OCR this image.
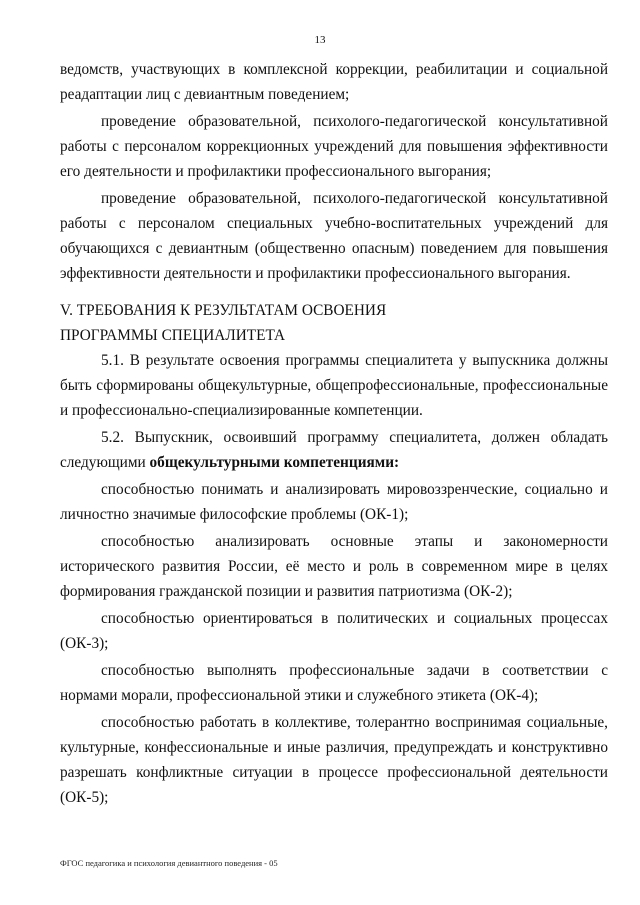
13

ведомств, участвующих в комплексной коррекции, реабилитации и социальной реадаптации лиц с девиантным поведением;

проведение образовательной, психолого-педагогической консультативной работы с персоналом коррекционных учреждений для повышения эффективности его деятельности и профилактики профессионального выгорания;

проведение образовательной, психолого-педагогической консультативной работы с персоналом специальных учебно-воспитательных учреждений для обучающихся с девиантным (общественно опасным) поведением для повышения эффективности деятельности и профилактики профессионального выгорания.

V. ТРЕБОВАНИЯ К РЕЗУЛЬТАТАМ ОСВОЕНИЯ

ПРОГРАММЫ СПЕЦИАЛИТЕТА

5.1. В результате освоения программы специалитета у выпускника должны быть сформированы общекультурные, общепрофессиональные, профессиональные и профессионально-специализированные компетенции.

5.2. Выпускник, освоивший программу специалитета, должен обладать следующими общекультурными компетенциями:

способностью понимать и анализировать мировоззренческие, социально и личностно значимые философские проблемы (ОК-1);

способностью анализировать основные этапы и закономерности исторического развития России, её место и роль в современном мире в целях формирования гражданской позиции и развития патриотизма (ОК-2);

способностью ориентироваться в политических и социальных процессах (ОК-3);

способностью выполнять профессиональные задачи в соответствии с нормами морали, профессиональной этики и служебного этикета (ОК-4);

способностью работать в коллективе, толерантно воспринимая социальные, культурные, конфессиональные и иные различия, предупреждать и конструктивно разрешать конфликтные ситуации в процессе профессиональной деятельности (ОК-5);

ФГОС педагогика и психология девиантного поведения - 05
